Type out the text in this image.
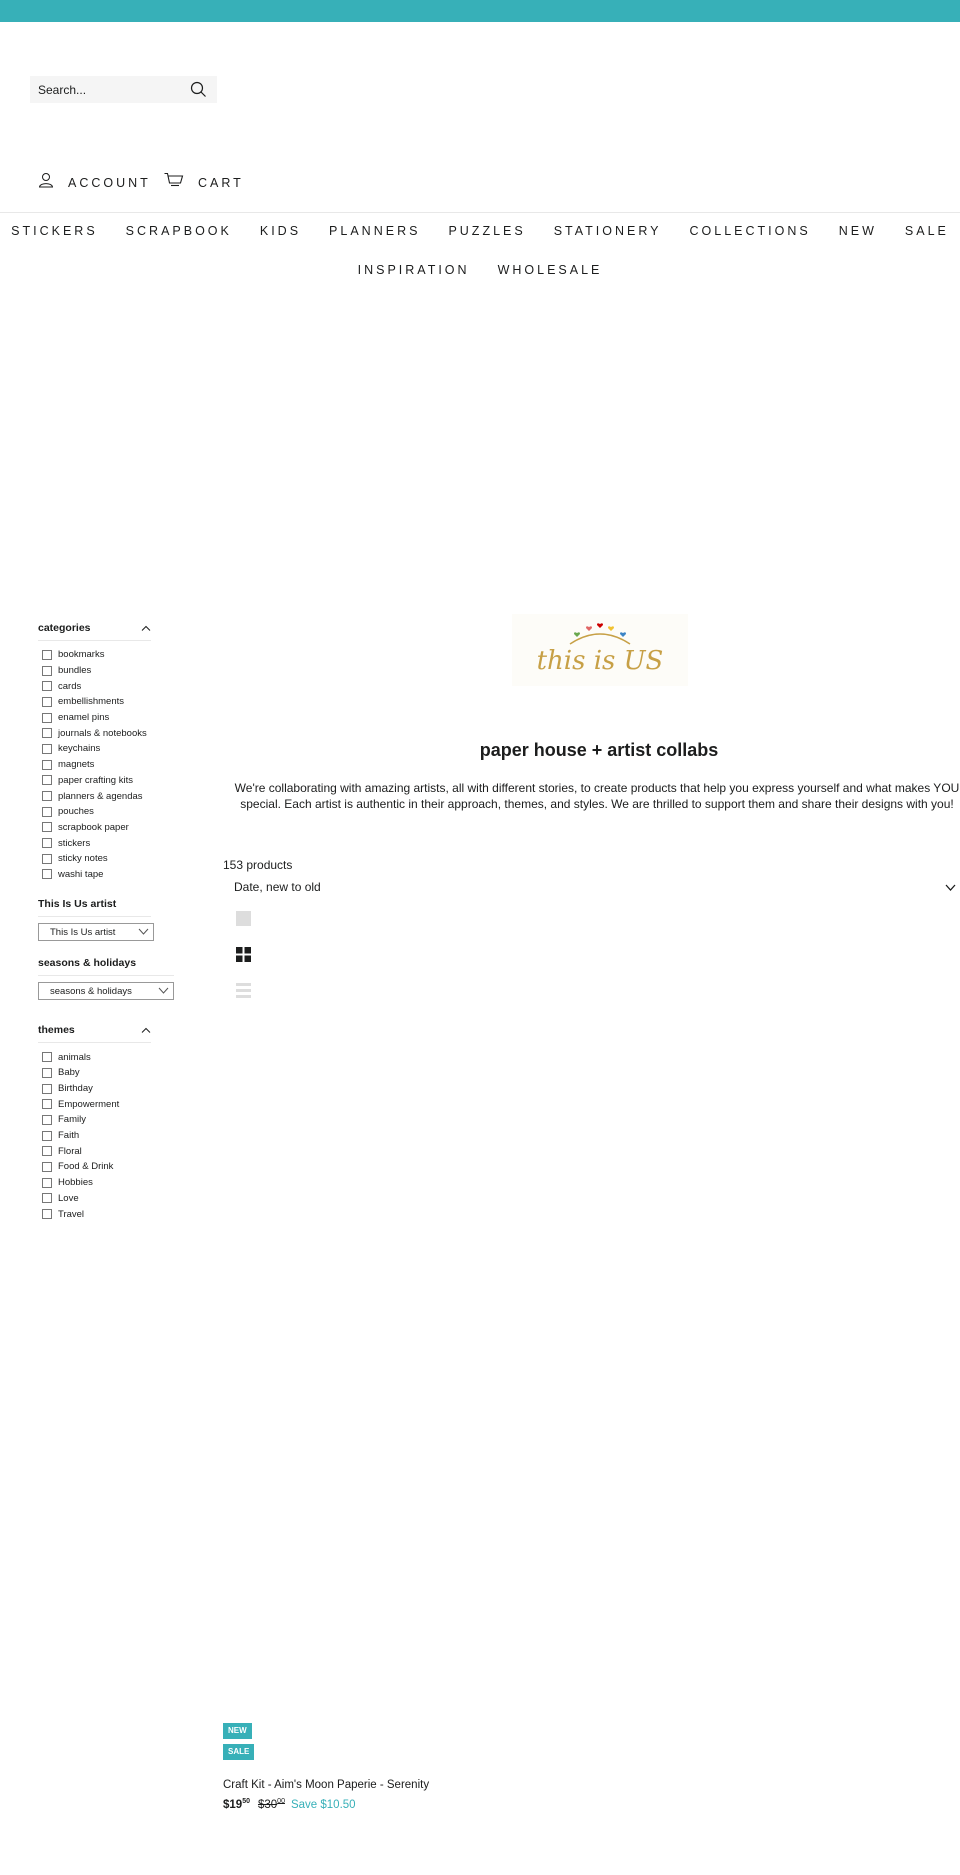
Search...
ACCOUNT	CART
STICKERS SCRAPBOOK KIDS PLANNERS PUZZLES STATIONERY COLLECTIONS NEW SALE
INSPIRATION WHOLESALE
categories
bookmarks
bundles
cards
embellishments
enamel pins
journals & notebooks
keychains
magnets
paper crafting kits
planners & agendas
pouches
scrapbook paper
stickers
sticky notes
washi tape
This Is Us artist
This Is Us artist
seasons & holidays
seasons & holidays
themes
animals
Baby
Birthday
Empowerment
Family
Faith
Floral
Food & Drink
Hobbies
Love
Travel
this is US
paper house + artist collabs

We're collaborating with amazing artists, all with different stories, to create products that help you express yourself and what makes YOU special. Each artist is authentic in their approach, themes, and styles. We are thrilled to support them and share their designs with you!

153 products
Date, new to old
NEW
SALE
Craft Kit - Aim's Moon Paperie - Serenity
$\$19^{50}$ $\$30^{00}$ Save $10.50
